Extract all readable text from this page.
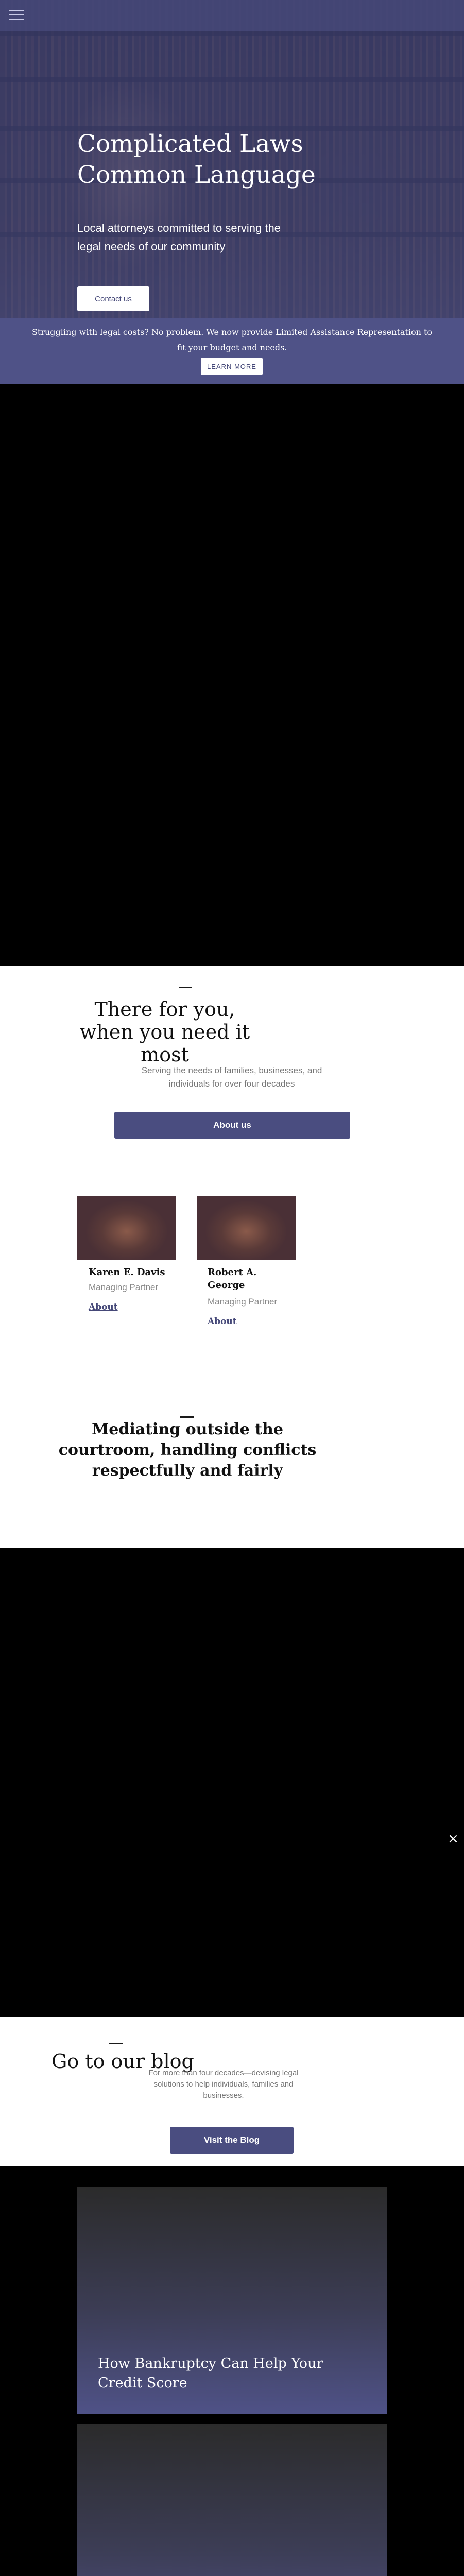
Complicated Laws
Common Language

Local attorneys committed to serving the legal needs of our community

Contact us

Struggling with legal costs? No problem. We now provide Limited Assistance Representation to fit your budget and needs.

LEARN MORE
There for you,
when you need it most

Serving the needs of families, businesses, and individuals for over four decades

About us
Karen E. Davis
Managing Partner
About
Robert A. George
Managing Partner
About
Mediating outside the courtroom, handling conflicts respectfully and fairly
×
Go to our blog

For more than four decades—devising legal solutions to help individuals, families and businesses.

Visit the Blog
How Bankruptcy Can Help Your Credit Score
